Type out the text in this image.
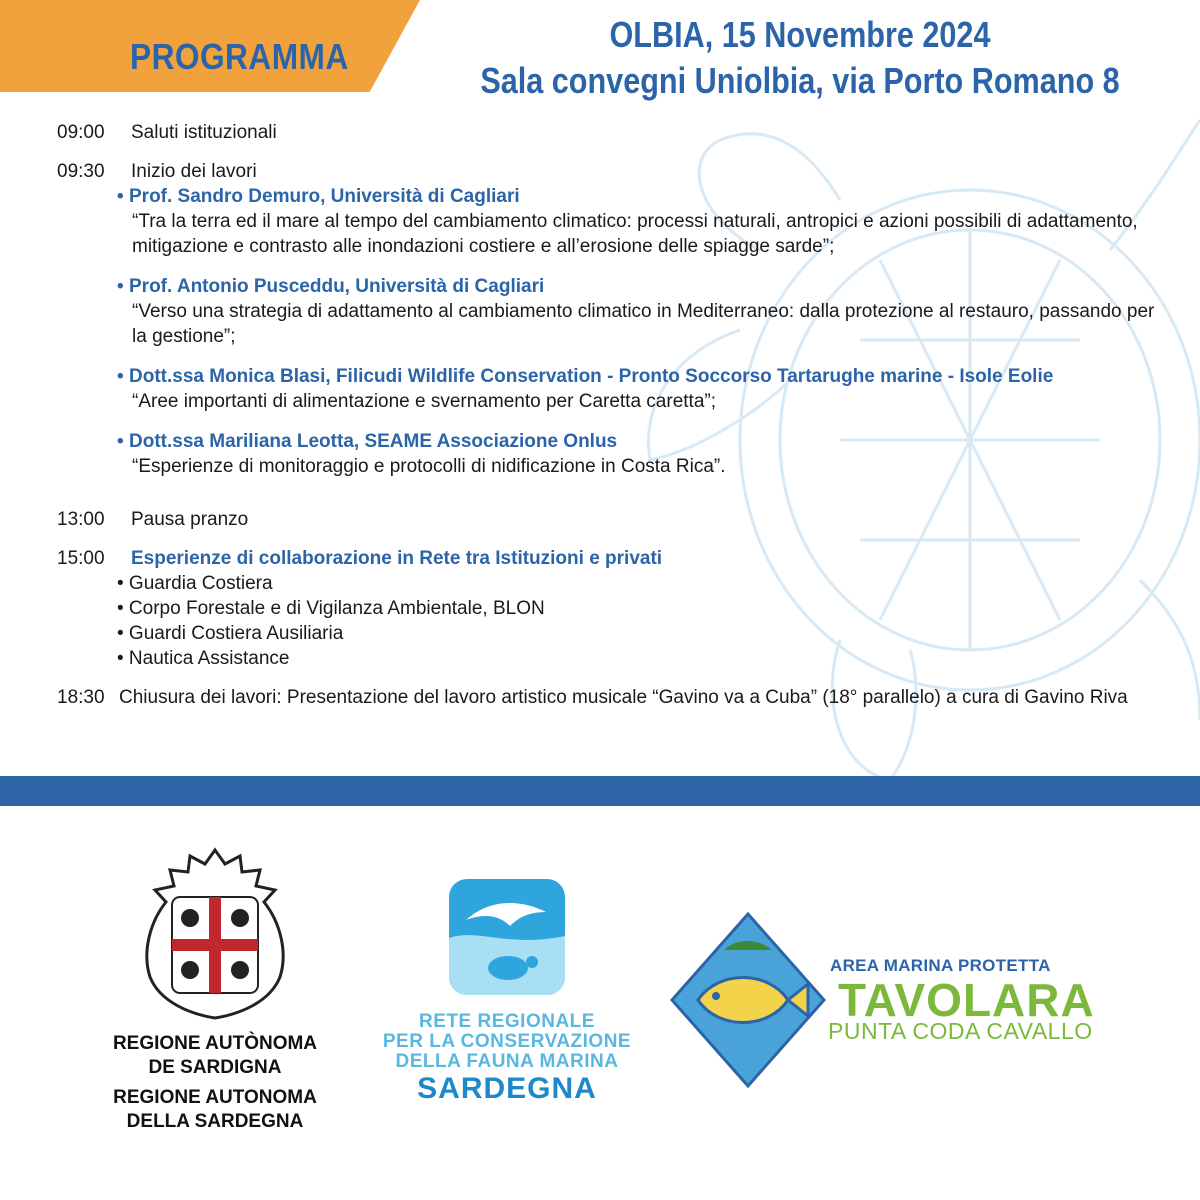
PROGRAMMA
OLBIA, 15 Novembre 2024
Sala convegni Uniolbia, via Porto Romano 8
09:00	Saluti istituzionali
09:30	Inizio dei lavori
• Prof. Sandro Demuro, Università di Cagliari
“Tra la terra ed il mare al tempo del cambiamento climatico: processi naturali, antropici e azioni possibili di adattamento, mitigazione e contrasto alle inondazioni costiere e all’erosione delle spiagge sarde”;
• Prof. Antonio Pusceddu, Università di Cagliari
“Verso una strategia di adattamento al cambiamento climatico in Mediterraneo: dalla protezione al restauro, passando per la gestione”;
• Dott.ssa Monica Blasi, Filicudi Wildlife Conservation - Pronto Soccorso Tartarughe marine - Isole Eolie
“Aree importanti di alimentazione e svernamento per Caretta caretta”;
• Dott.ssa Mariliana Leotta, SEAME Associazione Onlus
“Esperienze di monitoraggio e protocolli di nidificazione in Costa Rica”.
13:00	Pausa pranzo
15:00	Esperienze di collaborazione in Rete tra Istituzioni e privati
• Guardia Costiera
• Corpo Forestale e di Vigilanza Ambientale, BLON
• Guardi Costiera Ausiliaria
• Nautica Assistance
18:30 Chiusura dei lavori: Presentazione del lavoro artistico musicale “Gavino va a Cuba” (18° parallelo) a cura di Gavino Riva
REGIONE AUTÒNOMA
DE SARDIGNA
REGIONE AUTONOMA
DELLA SARDEGNA
RETE REGIONALE
PER LA CONSERVAZIONE
DELLA FAUNA MARINA
SARDEGNA
AREA MARINA PROTETTA
TAVOLARA
PUNTA CODA CAVALLO
